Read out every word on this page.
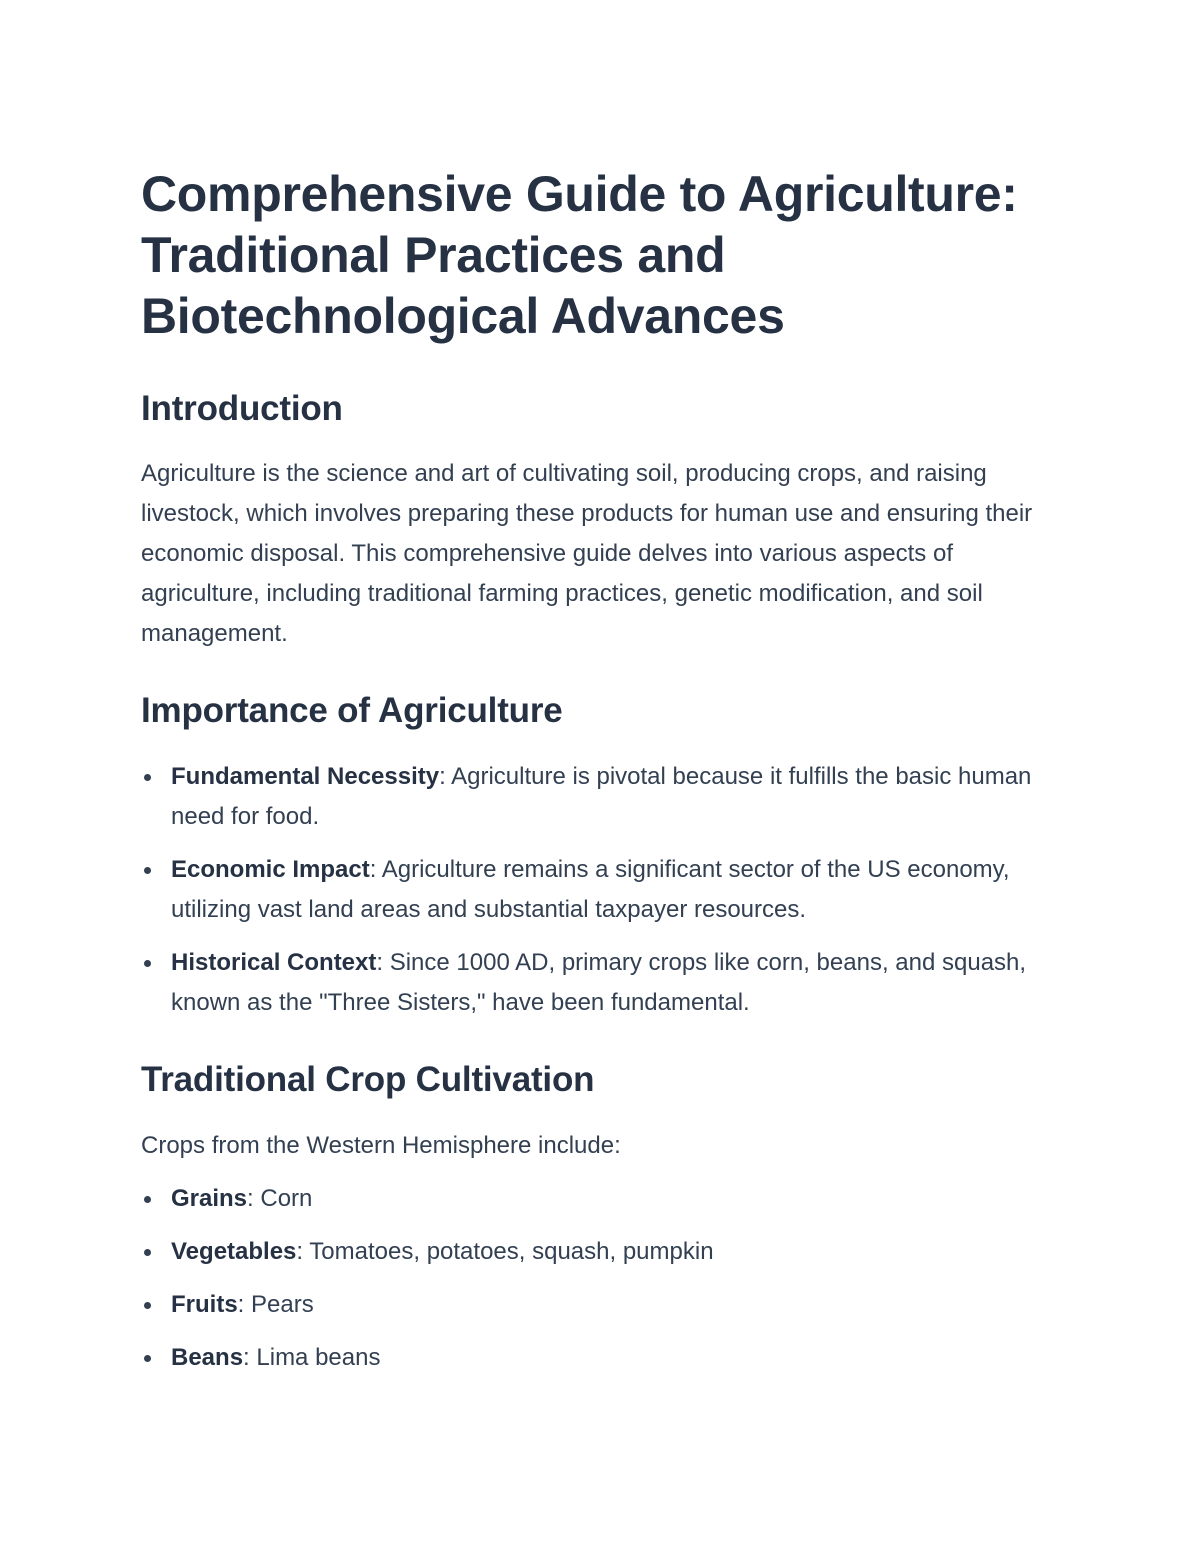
Comprehensive Guide to Agriculture: Traditional Practices and Biotechnological Advances
Introduction

Agriculture is the science and art of cultivating soil, producing crops, and raising livestock, which involves preparing these products for human use and ensuring their economic disposal. This comprehensive guide delves into various aspects of agriculture, including traditional farming practices, genetic modification, and soil management.

Importance of Agriculture
Fundamental Necessity: Agriculture is pivotal because it fulfills the basic human need for food.
Economic Impact: Agriculture remains a significant sector of the US economy, utilizing vast land areas and substantial taxpayer resources.
Historical Context: Since 1000 AD, primary crops like corn, beans, and squash, known as the "Three Sisters," have been fundamental.
Traditional Crop Cultivation

Crops from the Western Hemisphere include:

Grains: Corn
Vegetables: Tomatoes, potatoes, squash, pumpkin
Fruits: Pears
Beans: Lima beans
